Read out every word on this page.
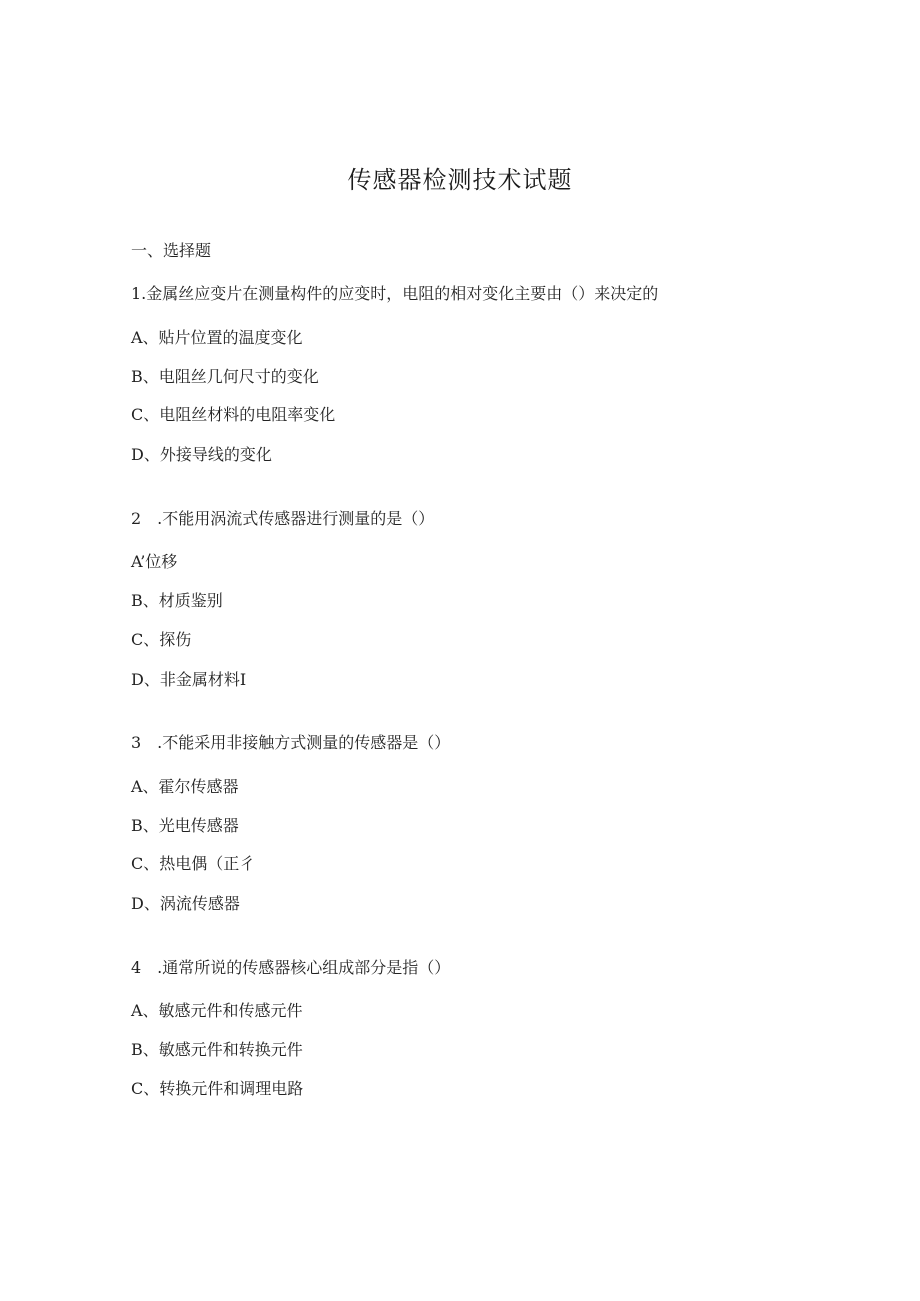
传感器检测技术试题
一、选择题
1.金属丝应变片在测量构件的应变时，电阻的相对变化主要由（）来决定的
A、贴片位置的温度变化
B、电阻丝几何尺寸的变化
C、电阻丝材料的电阻率变化
D、外接导线的变化
2　.不能用涡流式传感器进行测量的是（）
A’位移
B、材质鉴别
C、探伤
D、非金属材料I
3　.不能采用非接触方式测量的传感器是（）
A、霍尔传感器
B、光电传感器
C、热电偶（正彳
D、涡流传感器
4　.通常所说的传感器核心组成部分是指（）
A、敏感元件和传感元件
B、敏感元件和转换元件
C、转换元件和调理电路
